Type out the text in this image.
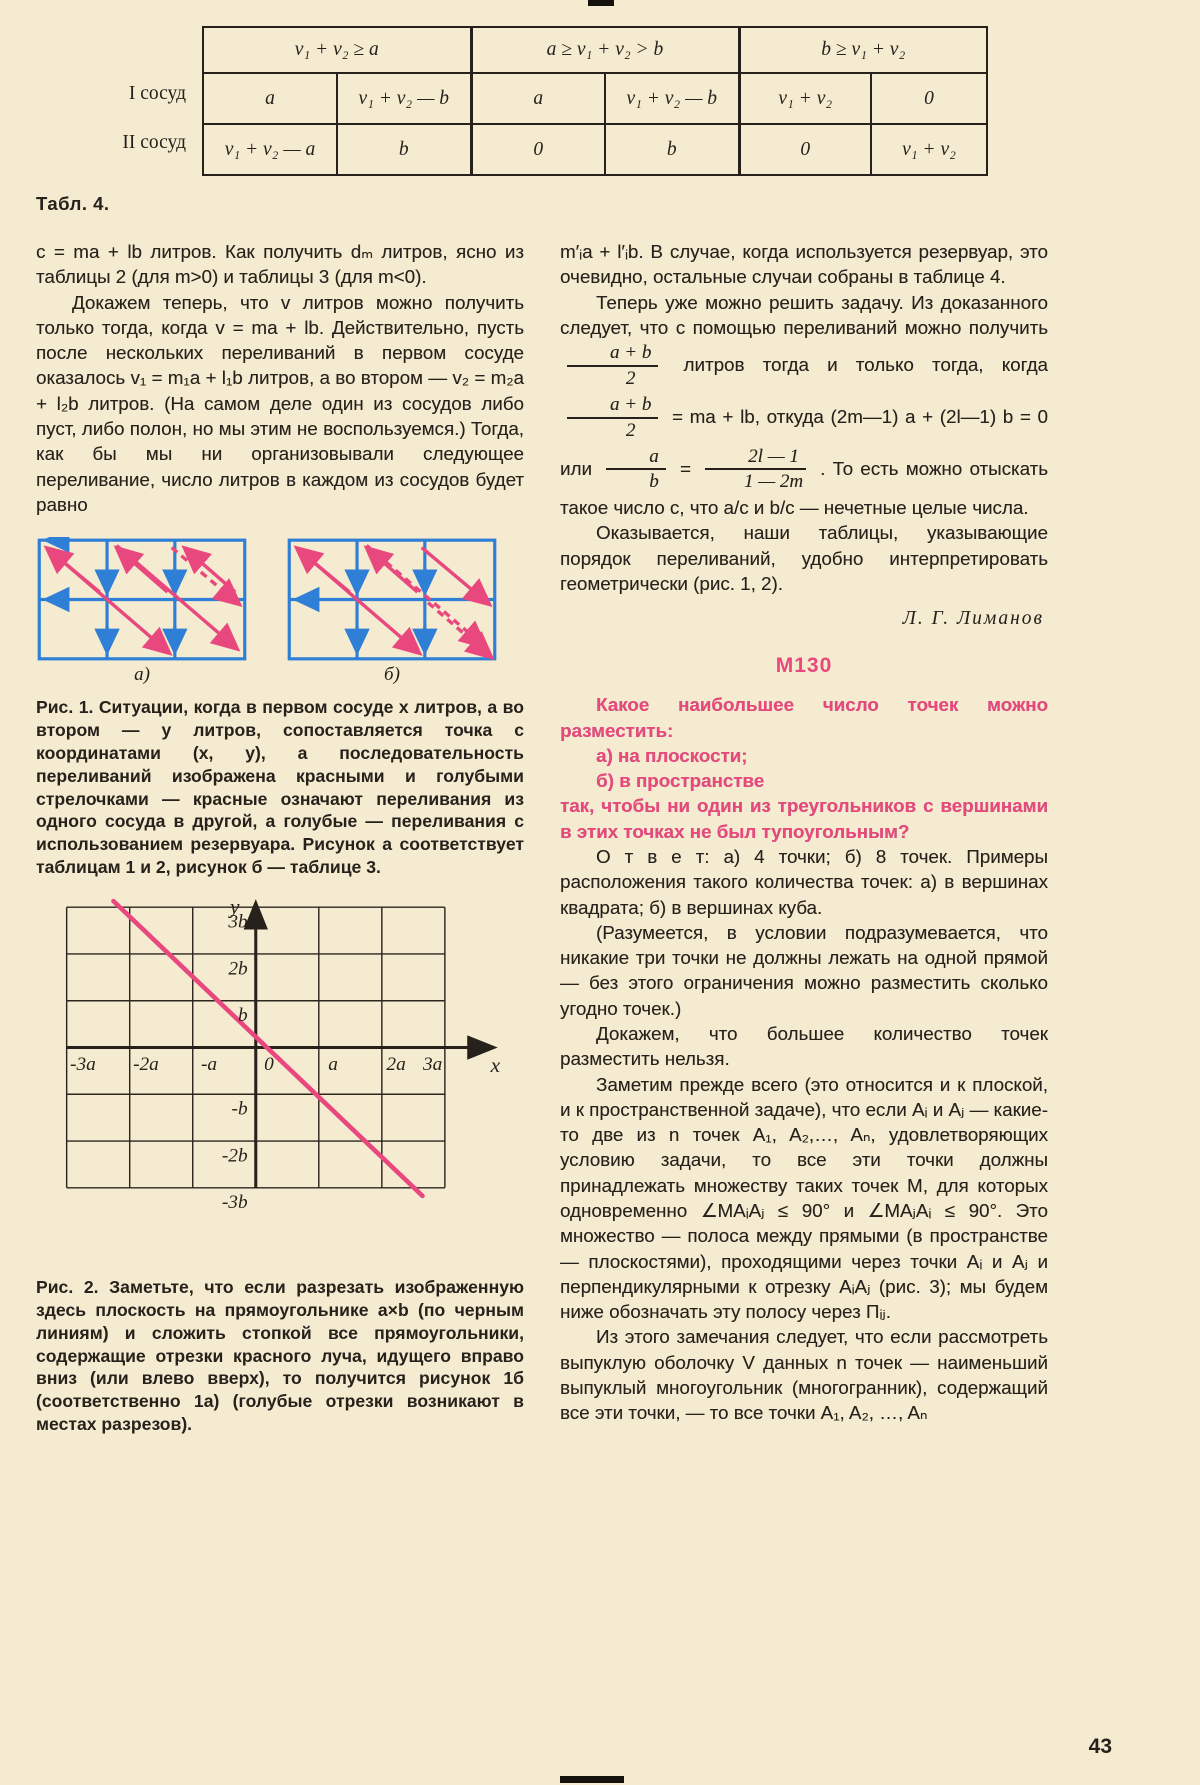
I сосуд
II сосуд
v₁ + v₂ ≥ a		a ≥ v₁ + v₂ > b		b ≥ v₁ + v₂	
a	v₁ + v₂ — b	a	v₁ + v₂ — b	v₁ + v₂	0
v₁ + v₂ — a	b	0	b	0	v₁ + v₂
Табл. 4.

c = ma + lb литров. Как получить dₘ литров, ясно из таблицы 2 (для m>0) и таблицы 3 (для m<0).

Докажем теперь, что v литров можно получить только тогда, когда v = ma + lb. Действительно, пусть после нескольких переливаний в первом сосуде оказалось v₁ = m₁a + l₁b литров, а во втором — v₂ = m₂a + l₂b литров. (На самом деле один из сосудов либо пуст, либо полон, но мы этим не воспользуемся.) Тогда, как бы мы ни организовывали следующее переливание, число литров в каждом из сосудов будет равно

а)	б)

Рис. 1. Ситуации, когда в первом сосуде x литров, а во втором — y литров, сопоставляется точка с координатами (x, y), а последовательность переливаний изображена красными и голубыми стрелочками — красные означают переливания из одного сосуда в другой, а голубые — переливания с использованием резервуара. Рисунок a соответствует таблицам 1 и 2, рисунок б — таблице 3.

3b
2b
b
-b
-2b
-3b
-3a -2a -a 0	a	2a 3a
y
x

Рис. 2. Заметьте, что если разрезать изображенную здесь плоскость на прямоугольнике a×b (по черным линиям) и сложить стопкой все прямоугольники, содержащие отрезки красного луча, идущего вправо вниз (или влево вверх), то получится рисунок 1б (соответственно 1а) (голубые отрезки возникают в местах разрезов).

m′ᵢa + l′ᵢb. В случае, когда используется резервуар, это очевидно, остальные случаи собраны в таблице 4.

Теперь уже можно решить задачу. Из доказанного следует, что с помощью переливаний можно получить
$\frac{a + b}{2}$ литров тогда и только тогда, когда
$\frac{a + b}{2}$ = ma + lb, откуда (2m—1) a + (2l—1) b = 0 или $\frac{a}{b} = \frac{2l — 1}{1 — 2m}$ . То есть можно отыскать такое число c, что a/c и b/c — нечетные целые числа.

Оказывается, наши таблицы, указывающие порядок переливаний, удобно интерпретировать геометрически (рис. 1, 2).

Л. Г. Лиманов

М130

Какое наибольшее число точек можно разместить:

а) на плоскости;

б) в пространстве

так, чтобы ни один из треугольников с вершинами в этих точках не был тупоугольным?

О т в е т: а) 4 точки; б) 8 точек. Примеры расположения такого количества точек: а) в вершинах квадрата; б) в вершинах куба.

(Разумеется, в условии подразумевается, что никакие три точки не должны лежать на одной прямой — без этого ограничения можно разместить сколько угодно точек.)

Докажем, что большее количество точек разместить нельзя.

Заметим прежде всего (это относится и к плоской, и к пространственной задаче), что если Aᵢ и Aⱼ — какие-то две из n точек A₁, A₂,…, Aₙ, удовлетворяющих условию задачи, то все эти точки должны принадлежать множеству таких точек M, для которых одновременно ∠MAᵢAⱼ ≤ 90° и ∠MAⱼAᵢ ≤ 90°. Это множество — полоса между прямыми (в пространстве — плоскостями), проходящими через точки Aᵢ и Aⱼ и перпендикулярными к отрезку AᵢAⱼ (рис. 3); мы будем ниже обозначать эту полосу через Πᵢⱼ.

Из этого замечания следует, что если рассмотреть выпуклую оболочку V данных n точек — наименьший выпуклый многоугольник (многогранник), содержащий все эти точки, — то все точки A₁, A₂, …, Aₙ

43
